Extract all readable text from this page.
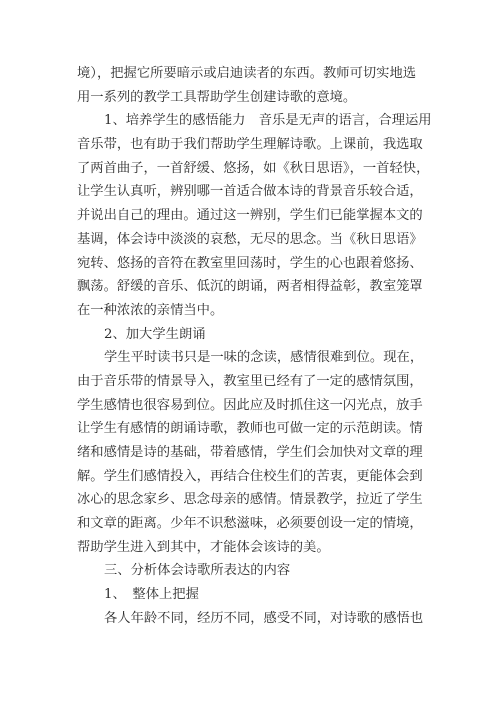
境），把握它所要暗示或启迪读者的东西。教师可切实地选
用一系列的教学工具帮助学生创建诗歌的意境。
1、培养学生的感悟能力　音乐是无声的语言，合理运用
音乐带，也有助于我们帮助学生理解诗歌。上课前，我选取
了两首曲子，一首舒缓、悠扬，如《秋日思语》，一首轻快，
让学生认真听，辨别哪一首适合做本诗的背景音乐较合适，
并说出自己的理由。通过这一辨别，学生们已能掌握本文的
基调，体会诗中淡淡的哀愁，无尽的思念。当《秋日思语》
宛转、悠扬的音符在教室里回荡时，学生的心也跟着悠扬、
飘荡。舒缓的音乐、低沉的朗诵，两者相得益彰，教室笼罩
在一种浓浓的亲情当中。
2、加大学生朗诵
学生平时读书只是一味的念读，感情很难到位。现在，
由于音乐带的情景导入，教室里已经有了一定的感情氛围，
学生感情也很容易到位。因此应及时抓住这一闪光点，放手
让学生有感情的朗诵诗歌，教师也可做一定的示范朗读。情
绪和感情是诗的基础，带着感情，学生们会加快对文章的理
解。学生们感情投入，再结合住校生们的苦衷，更能体会到
冰心的思念家乡、思念母亲的感情。情景教学，拉近了学生
和文章的距离。少年不识愁滋味，必须要创设一定的情境，
帮助学生进入到其中，才能体会该诗的美。
三、分析体会诗歌所表达的内容
1、　整体上把握
各人年龄不同，经历不同，感受不同，对诗歌的感悟也
